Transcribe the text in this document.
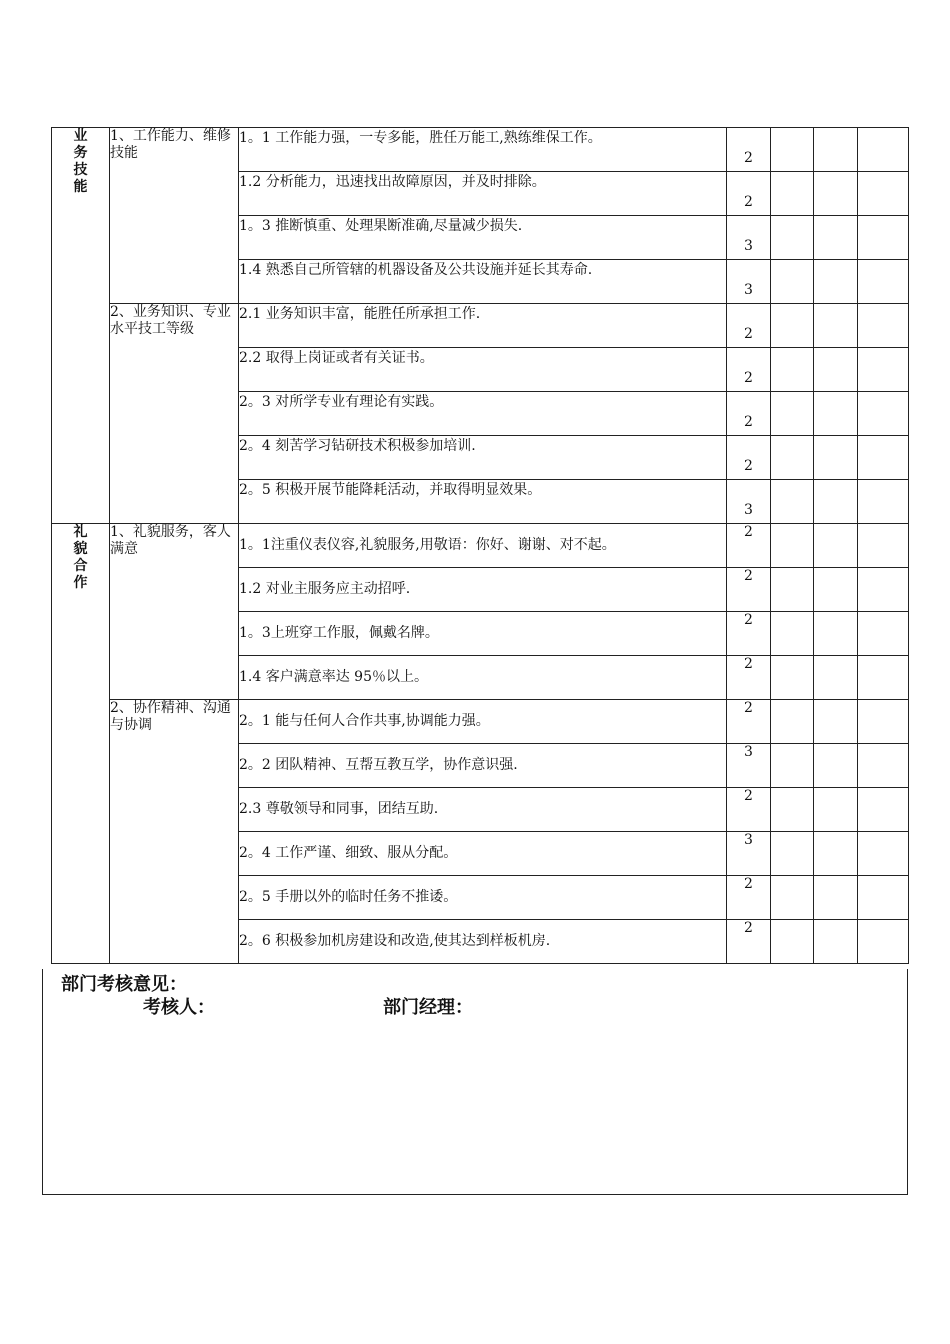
业务技能	1、工作能力、维修技能	1。1 工作能力强，一专多能，胜任万能工,熟练维保工作。	2			
		1.2 分析能力，迅速找出故障原因，并及时排除。	2			
		1。3 推断慎重、处理果断准确,尽量减少损失.	3			
		1.4 熟悉自己所管辖的机器设备及公共设施并延长其寿命.	3			
	2、业务知识、专业水平技工等级	2.1 业务知识丰富，能胜任所承担工作.	2			
		2.2 取得上岗证或者有关证书。	2			
		2。3 对所学专业有理论有实践。	2			
		2。4 刻苦学习钻研技术积极参加培训.	2			
		2。5 积极开展节能降耗活动，并取得明显效果。	3			
礼貌合作	1、礼貌服务，客人满意	1。1注重仪表仪容,礼貌服务,用敬语：你好、谢谢、对不起。	2			
		1.2 对业主服务应主动招呼.	2			
		1。3上班穿工作服，佩戴名牌。	2			
		1.4 客户满意率达 95％以上。	2			
	2、协作精神、沟通与协调	2。1 能与任何人合作共事,协调能力强。	2			
		2。2 团队精神、互帮互教互学，协作意识强.	3			
		2.3 尊敬领导和同事，团结互助.	2			
		2。4 工作严谨、细致、服从分配。	3			
		2。5 手册以外的临时任务不推诿。	2			
		2。6 积极参加机房建设和改造,使其达到样板机房.	2			
部门考核意见：
考核人：	部门经理：
